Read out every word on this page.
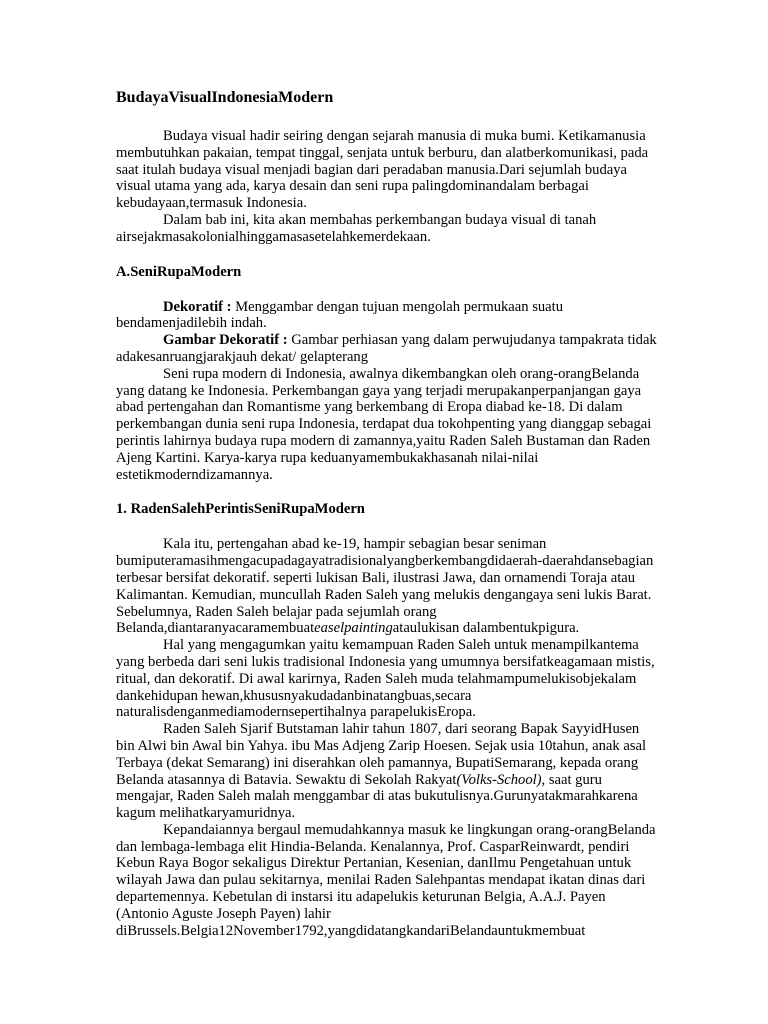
BudayaVisualIndonesiaModern

Budaya visual hadir seiring dengan sejarah manusia di muka bumi. Ketikamanusia membutuhkan pakaian, tempat tinggal, senjata untuk berburu, dan alatberkomunikasi, pada saat itulah budaya visual menjadi bagian dari peradaban manusia.Dari sejumlah budaya visual utama yang ada, karya desain dan seni rupa palingdominandalam berbagai kebudayaan,termasuk Indonesia.

Dalam bab ini, kita akan membahas perkembangan budaya visual di tanah airsejakmasakolonialhinggamasasetelahkemerdekaan.

A.SeniRupaModern

Dekoratif : Menggambar dengan tujuan mengolah permukaan suatu bendamenjadilebih indah.

Gambar Dekoratif : Gambar perhiasan yang dalam perwujudanya tampakrata tidak adakesanruangjarakjauh dekat/ gelapterang

Seni rupa modern di Indonesia, awalnya dikembangkan oleh orang-orangBelanda yang datang ke Indonesia. Perkembangan gaya yang terjadi merupakanperpanjangan gaya abad pertengahan dan Romantisme yang berkembang di Eropa diabad ke-18. Di dalam perkembangan dunia seni rupa Indonesia, terdapat dua tokohpenting yang dianggap sebagai perintis lahirnya budaya rupa modern di zamannya,yaitu Raden Saleh Bustaman dan Raden Ajeng Kartini. Karya-karya rupa keduanyamembukakhasanah nilai-nilai estetikmoderndizamannya.

1. RadenSalehPerintisSeniRupaModern

Kala itu, pertengahan abad ke-19, hampir sebagian besar seniman bumiputeramasihmengacupadagayatradisionalyangberkembangdidaerah-daerahdansebagian terbesar bersifat dekoratif. seperti lukisan Bali, ilustrasi Jawa, dan ornamendi Toraja atau Kalimantan. Kemudian, muncullah Raden Saleh yang melukis dengangaya seni lukis Barat. Sebelumnya, Raden Saleh belajar pada sejumlah orang Belanda,diantaranyacaramembuateaselpaintingataulukisan dalambentukpigura.

Hal yang mengagumkan yaitu kemampuan Raden Saleh untuk menampilkantema yang berbeda dari seni lukis tradisional Indonesia yang umumnya bersifatkeagamaan mistis, ritual, dan dekoratif. Di awal karirnya, Raden Saleh muda telahmampumelukisobjekalam dankehidupan hewan,khususnyakudadanbinatangbuas,secara naturalisdenganmediamodernsepertihalnya parapelukisEropa.

Raden Saleh Sjarif Butstaman lahir tahun 1807, dari seorang Bapak SayyidHusen bin Alwi bin Awal bin Yahya. ibu Mas Adjeng Zarip Hoesen. Sejak usia 10tahun, anak asal Terbaya (dekat Semarang) ini diserahkan oleh pamannya, BupatiSemarang, kepada orang Belanda atasannya di Batavia. Sewaktu di Sekolah Rakyat(Volks-School), saat guru mengajar, Raden Saleh malah menggambar di atas bukutulisnya.Gurunyatakmarahkarena kagum melihatkaryamuridnya.

Kepandaiannya bergaul memudahkannya masuk ke lingkungan orang-orangBelanda dan lembaga-lembaga elit Hindia-Belanda. Kenalannya, Prof. CasparReinwardt, pendiri Kebun Raya Bogor sekaligus Direktur Pertanian, Kesenian, danIlmu Pengetahuan untuk wilayah Jawa dan pulau sekitarnya, menilai Raden Salehpantas mendapat ikatan dinas dari departemennya. Kebetulan di instarsi itu adapelukis keturunan Belgia, A.A.J. Payen (Antonio Aguste Joseph Payen) lahir diBrussels.Belgia12November1792,yangdidatangkandariBelandauntukmembuat
